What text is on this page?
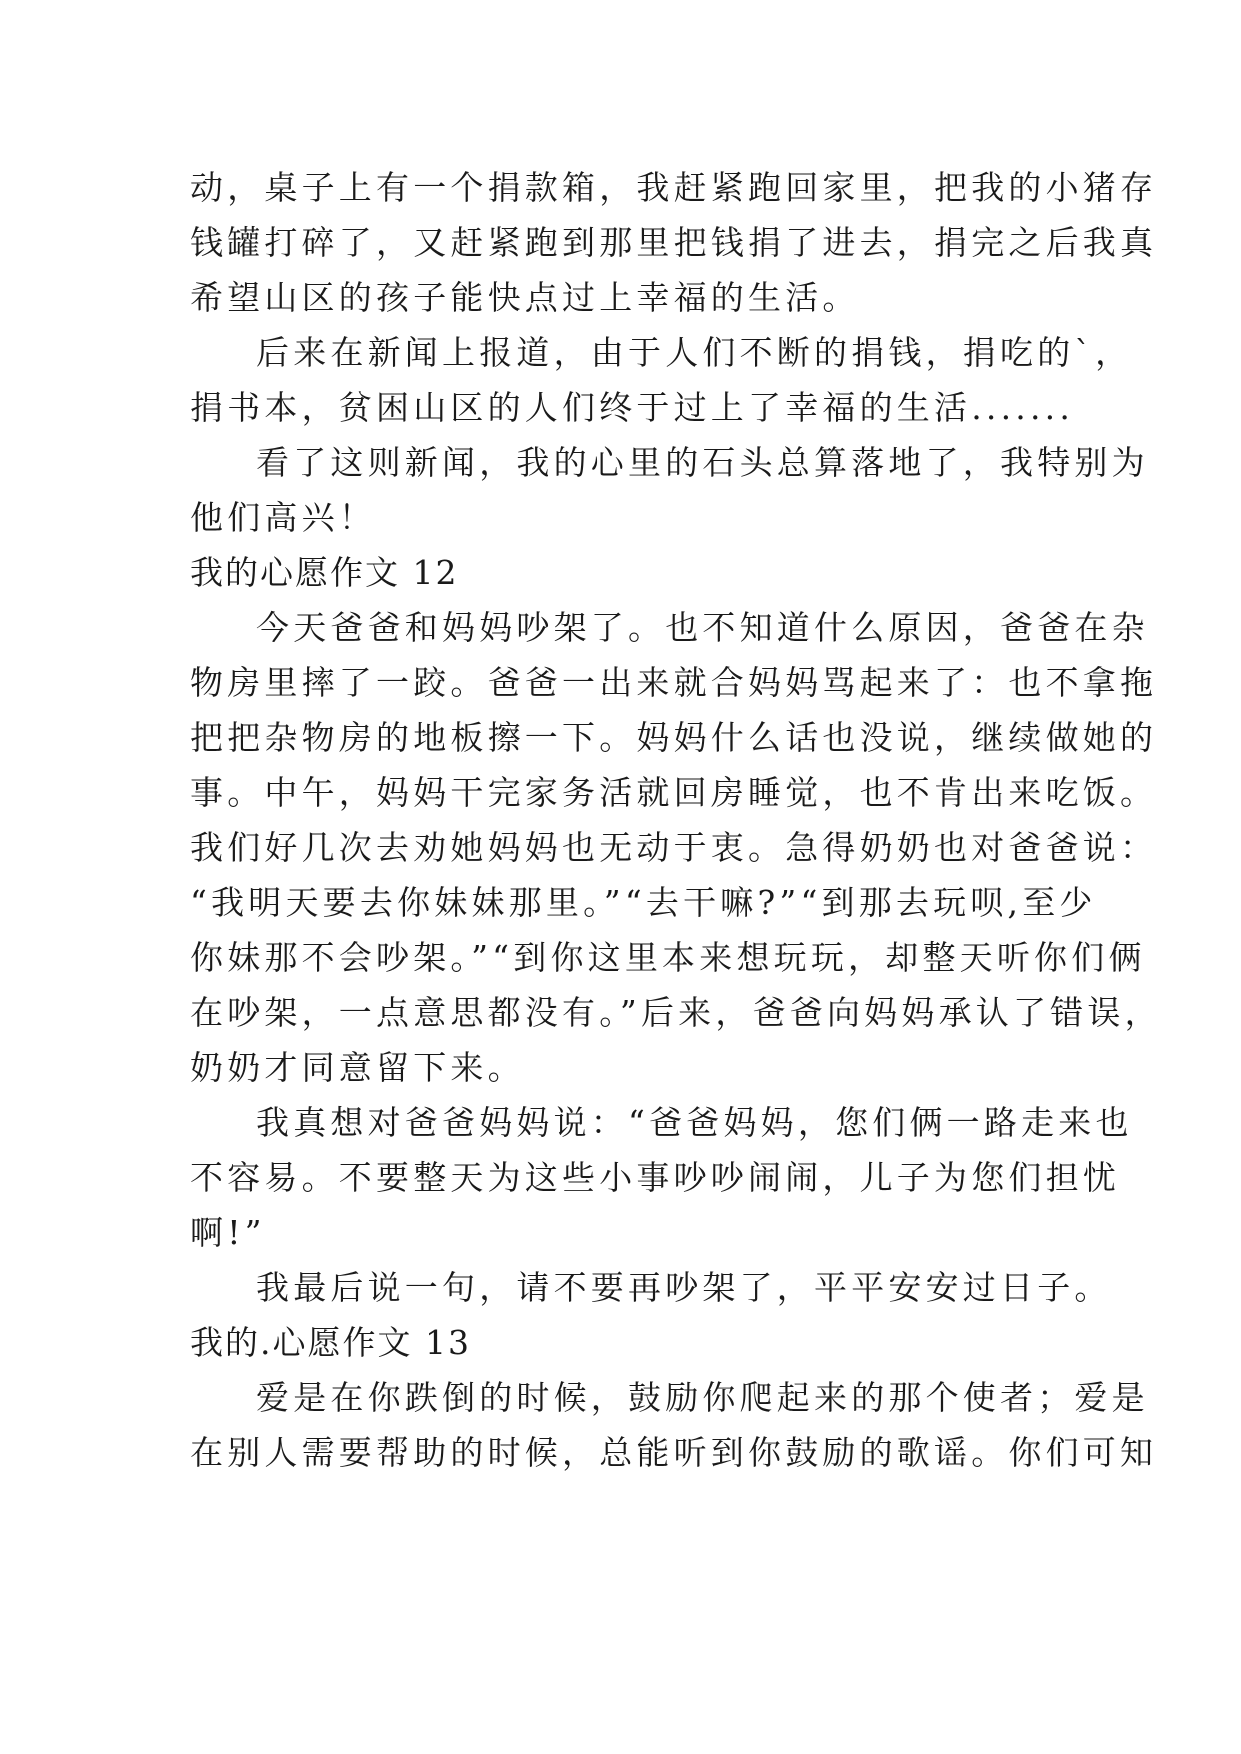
动，桌子上有一个捐款箱，我赶紧跑回家里，把我的小猪存
钱罐打碎了，又赶紧跑到那里把钱捐了进去，捐完之后我真
希望山区的孩子能快点过上幸福的生活。
后来在新闻上报道，由于人们不断的捐钱，捐吃的`，
捐书本，贫困山区的人们终于过上了幸福的生活.......
看了这则新闻，我的心里的石头总算落地了，我特别为
他们高兴！
我的心愿作文 12
今天爸爸和妈妈吵架了。也不知道什么原因，爸爸在杂
物房里摔了一跤。爸爸一出来就合妈妈骂起来了：也不拿拖
把把杂物房的地板擦一下。妈妈什么话也没说，继续做她的
事。中午，妈妈干完家务活就回房睡觉，也不肯出来吃饭。
我们好几次去劝她妈妈也无动于衷。急得奶奶也对爸爸说：
“我明天要去你妹妹那里。”“去干嘛?”“到那去玩呗,至少
你妹那不会吵架。”“到你这里本来想玩玩，却整天听你们俩
在吵架，一点意思都没有。”后来，爸爸向妈妈承认了错误，
奶奶才同意留下来。
我真想对爸爸妈妈说：“爸爸妈妈，您们俩一路走来也
不容易。不要整天为这些小事吵吵闹闹，儿子为您们担忧
啊!”
我最后说一句，请不要再吵架了，平平安安过日子。
我的.心愿作文 13
爱是在你跌倒的时候，鼓励你爬起来的那个使者；爱是
在别人需要帮助的时候，总能听到你鼓励的歌谣。你们可知
